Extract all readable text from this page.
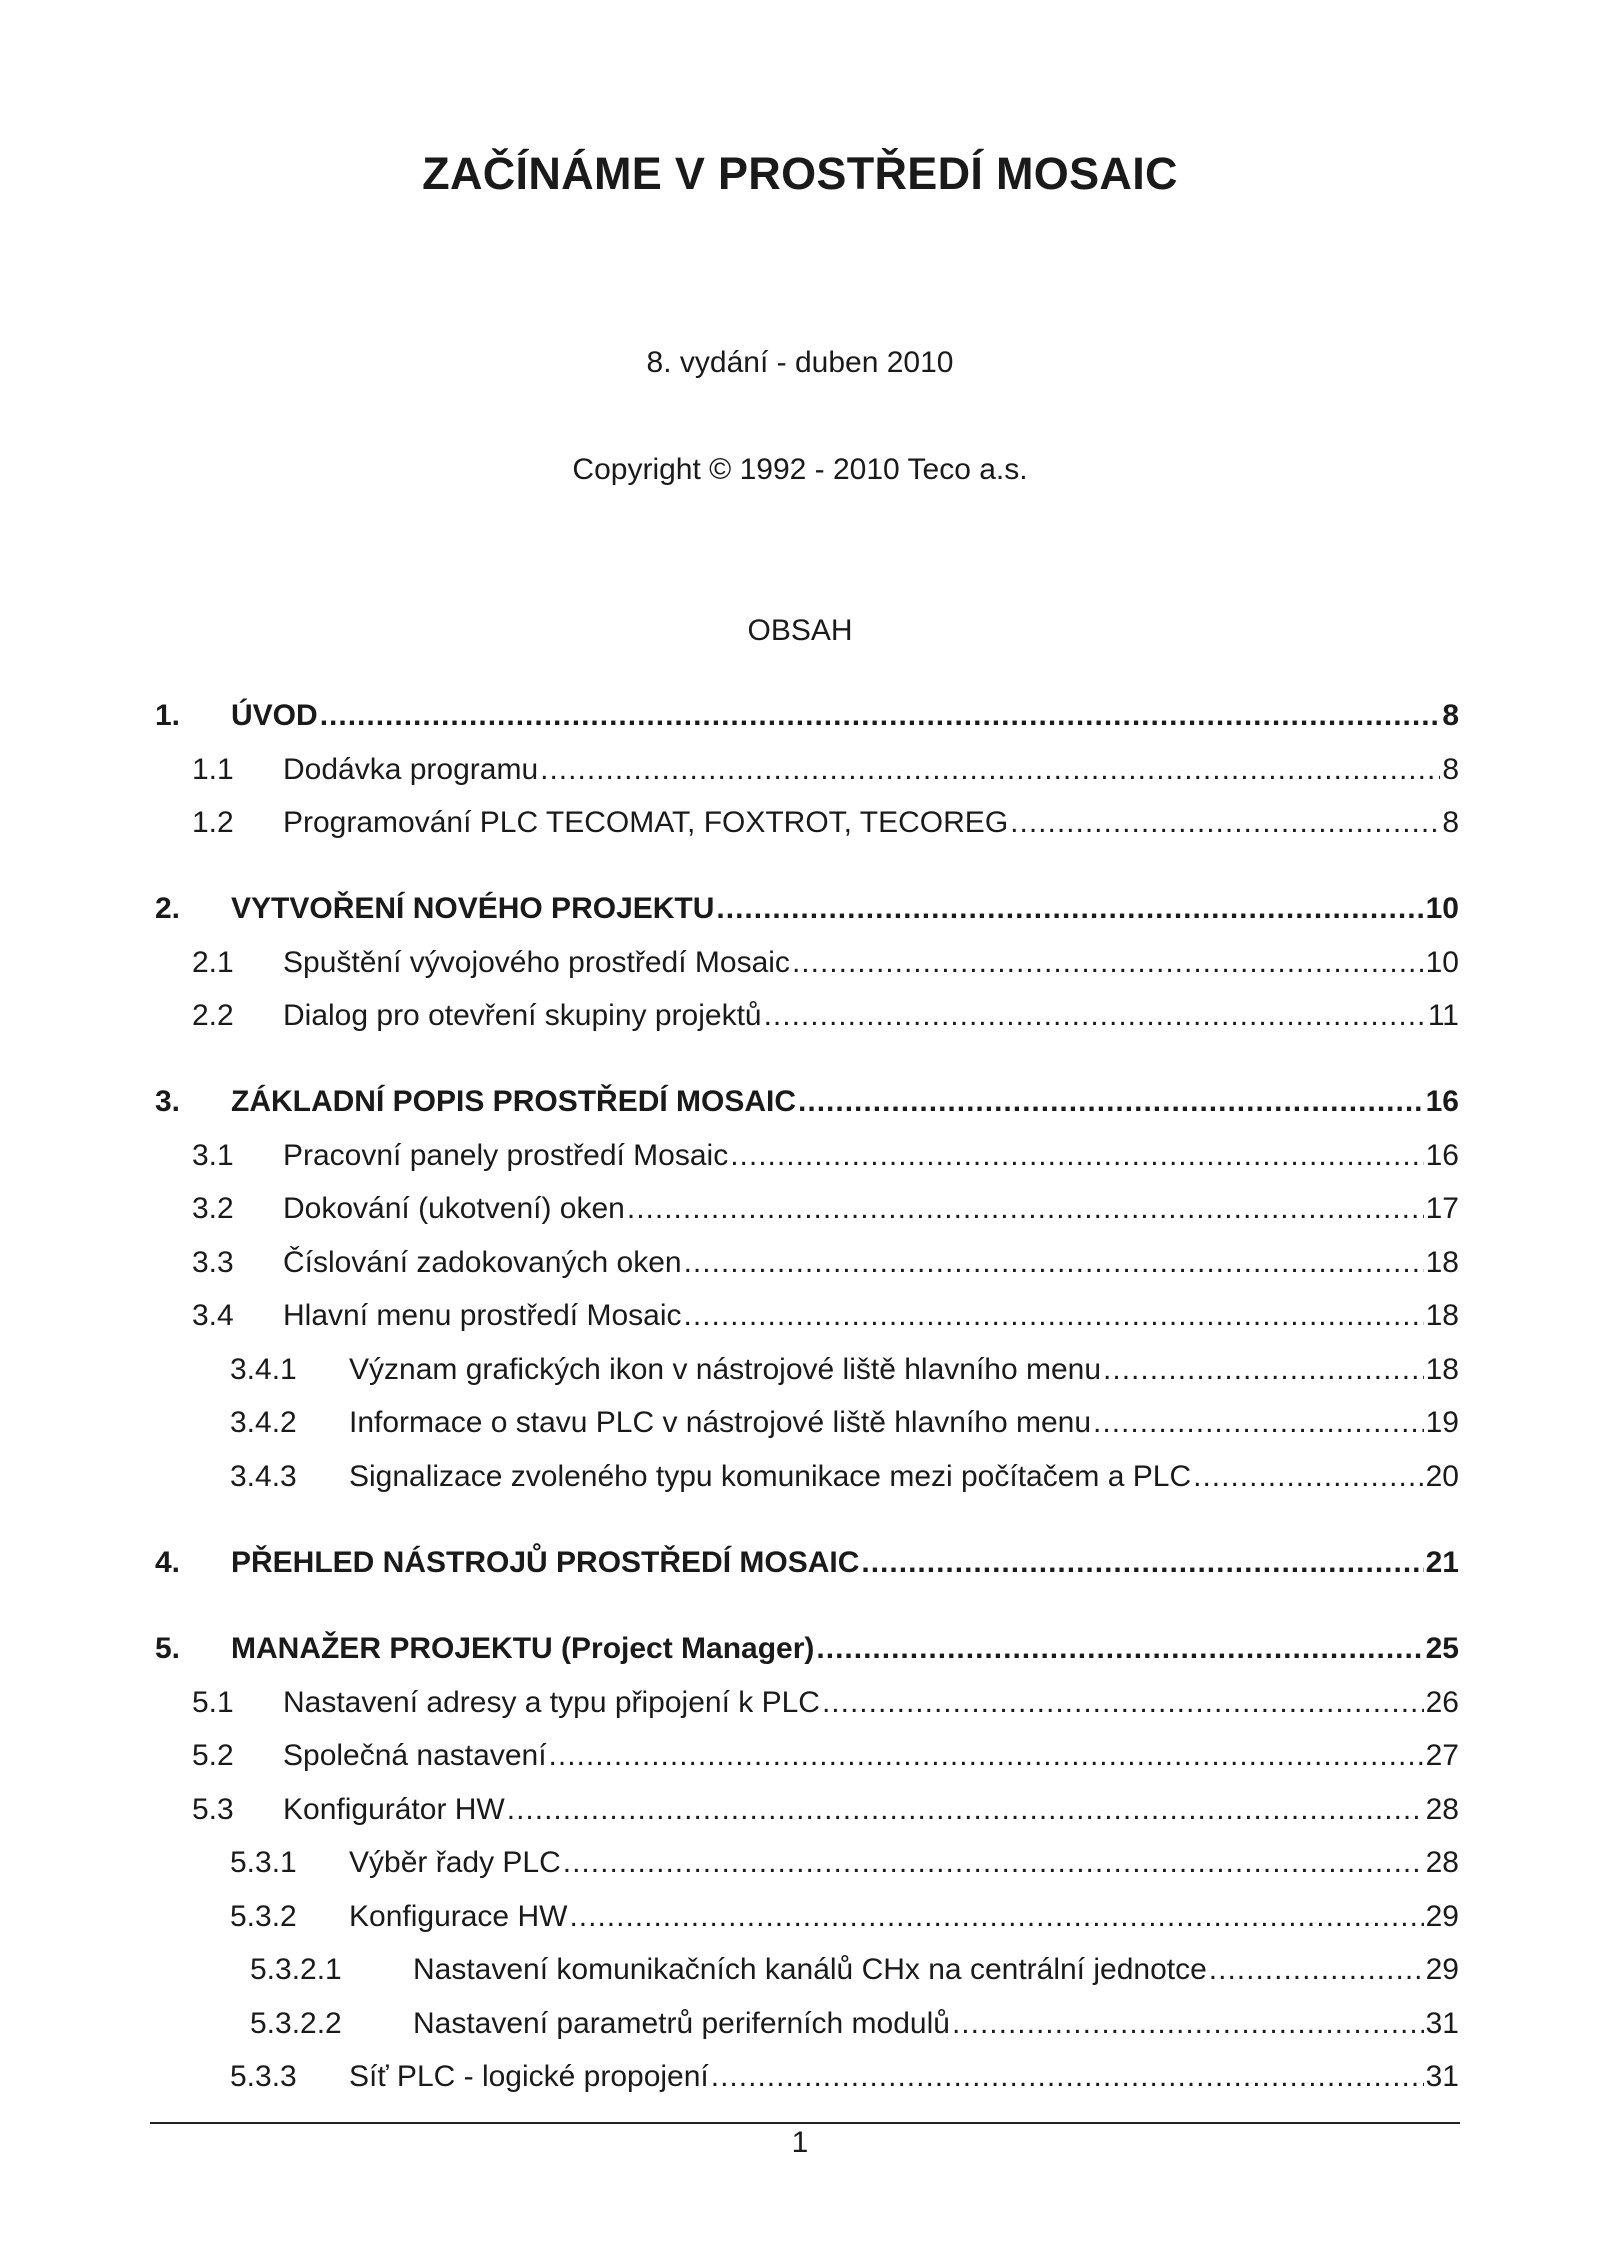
ZAČÍNÁME V PROSTŘEDÍ MOSAIC
8. vydání - duben 2010
Copyright © 1992 - 2010 Teco a.s.
OBSAH
1. ÚVOD .....	8
1.1 Dodávka programu .....	8
1.2 Programování PLC TECOMAT, FOXTROT, TECOREG .....	8
2. VYTVOŘENÍ NOVÉHO PROJEKTU .....	10
2.1 Spuštění vývojového prostředí Mosaic .....	10
2.2 Dialog pro otevření skupiny projektů .....	11
3. ZÁKLADNÍ POPIS PROSTŘEDÍ MOSAIC .....	16
3.1 Pracovní panely prostředí Mosaic .....	16
3.2 Dokování (ukotvení) oken .....	17
3.3 Číslování zadokovaných oken .....	18
3.4 Hlavní menu prostředí Mosaic .....	18
3.4.1 Význam grafických ikon v nástrojové liště hlavního menu .....	18
3.4.2 Informace o stavu PLC v nástrojové liště hlavního menu .....	19
3.4.3 Signalizace zvoleného typu komunikace mezi počítačem a PLC .....	20
4. PŘEHLED NÁSTROJŮ PROSTŘEDÍ MOSAIC .....	21
5. MANAŽER PROJEKTU (Project Manager) .....	25
5.1 Nastavení adresy a typu připojení k PLC .....	26
5.2 Společná nastavení .....	27
5.3 Konfigurátor HW .....	28
5.3.1 Výběr řady PLC .....	28
5.3.2 Konfigurace HW .....	29
5.3.2.1 Nastavení komunikačních kanálů CHx na centrální jednotce .....	29
5.3.2.2 Nastavení parametrů periferních modulů .....	31
5.3.3 Síť PLC - logické propojení .....	31
1
